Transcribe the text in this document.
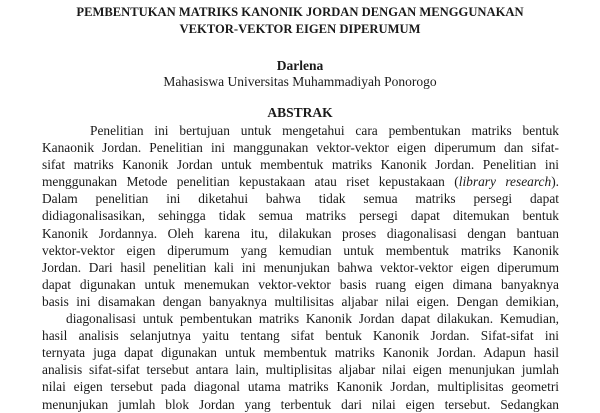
PEMBENTUKAN MATRIKS KANONIK JORDAN DENGAN MENGGUNAKAN

VEKTOR-VEKTOR EIGEN DIPERUMUM

Darlena

Mahasiswa Universitas Muhammadiyah Ponorogo

ABSTRAK

Penelitian ini bertujuan untuk mengetahui cara pembentukan matriks bentuk
Kanaonik Jordan. Penelitian ini manggunakan vektor-vektor eigen diperumum dan sifat-
sifat matriks Kanonik Jordan untuk membentuk matriks Kanonik Jordan. Penelitian ini
menggunakan Metode penelitian kepustakaan atau riset kepustakaan (library research).
Dalam penelitian ini diketahui bahwa tidak semua matriks persegi dapat
didiagonalisasikan, sehingga tidak semua matriks persegi dapat ditemukan bentuk
Kanonik Jordannya. Oleh karena itu, dilakukan proses diagonalisasi dengan bantuan
vektor-vektor eigen diperumum yang kemudian untuk membentuk matriks Kanonik
Jordan. Dari hasil penelitian kali ini menunjukan bahwa vektor-vektor eigen diperumum
dapat digunakan untuk menemukan vektor-vektor basis ruang eigen dimana banyaknya
basis ini disamakan dengan banyaknya multilisitas aljabar nilai eigen. Dengan demikian,
diagonalisasi untuk pembentukan matriks Kanonik Jordan dapat dilakukan. Kemudian,
hasil analisis selanjutnya yaitu tentang sifat bentuk Kanonik Jordan. Sifat-sifat ini
ternyata juga dapat digunakan untuk membentuk matriks Kanonik Jordan. Adapun hasil
analisis sifat-sifat tersebut antara lain, multiplisitas aljabar nilai eigen menunjukan jumlah
nilai eigen tersebut pada diagonal utama matriks Kanonik Jordan, multiplisitas geometri
menunjukan jumlah blok Jordan yang terbentuk dari nilai eigen tersebut. Sedangkan
